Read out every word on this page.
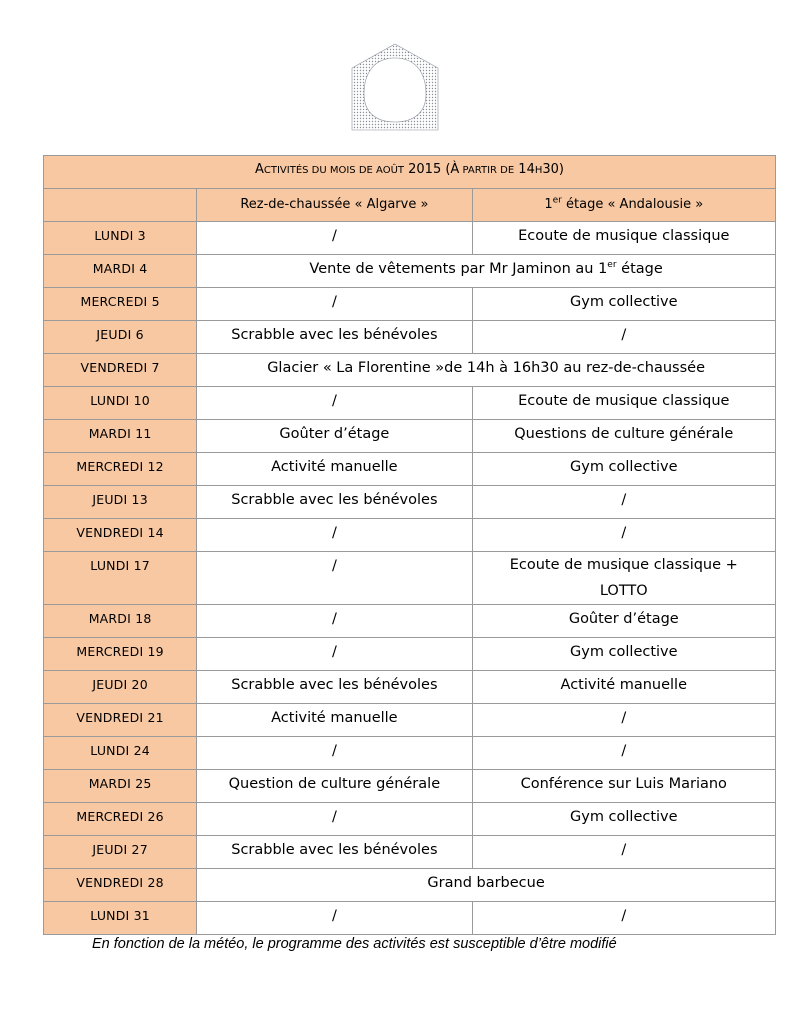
ACTIVITÉS DU MOIS DE AOÛT 2015 (À PARTIR DE 14H30)		
	Rez-de-chaussée « Algarve »	1er étage « Andalousie »
LUNDI 3	/	Ecoute de musique classique
MARDI 4	Vente de vêtements par Mr Jaminon au 1er étage	
MERCREDI 5	/	Gym collective
JEUDI 6	Scrabble avec les bénévoles	/
VENDREDI 7	Glacier « La Florentine »de 14h à 16h30 au rez-de-chaussée	
LUNDI 10	/	Ecoute de musique classique
MARDI 11	Goûter d’étage	Questions de culture générale
MERCREDI 12	Activité manuelle	Gym collective
JEUDI 13	Scrabble avec les bénévoles	/
VENDREDI 14	/	/
LUNDI 17	/	Ecoute de musique classique +
LOTTO

MARDI 18	/	Goûter d’étage
MERCREDI 19	/	Gym collective
JEUDI 20	Scrabble avec les bénévoles	Activité manuelle
VENDREDI 21	Activité manuelle	/
LUNDI 24	/	/
MARDI 25	Question de culture générale	Conférence sur Luis Mariano
MERCREDI 26	/	Gym collective
JEUDI 27	Scrabble avec les bénévoles	/
VENDREDI 28	Grand barbecue	
LUNDI 31	/	/
En fonction de la météo, le programme des activités est susceptible d’être modifié
